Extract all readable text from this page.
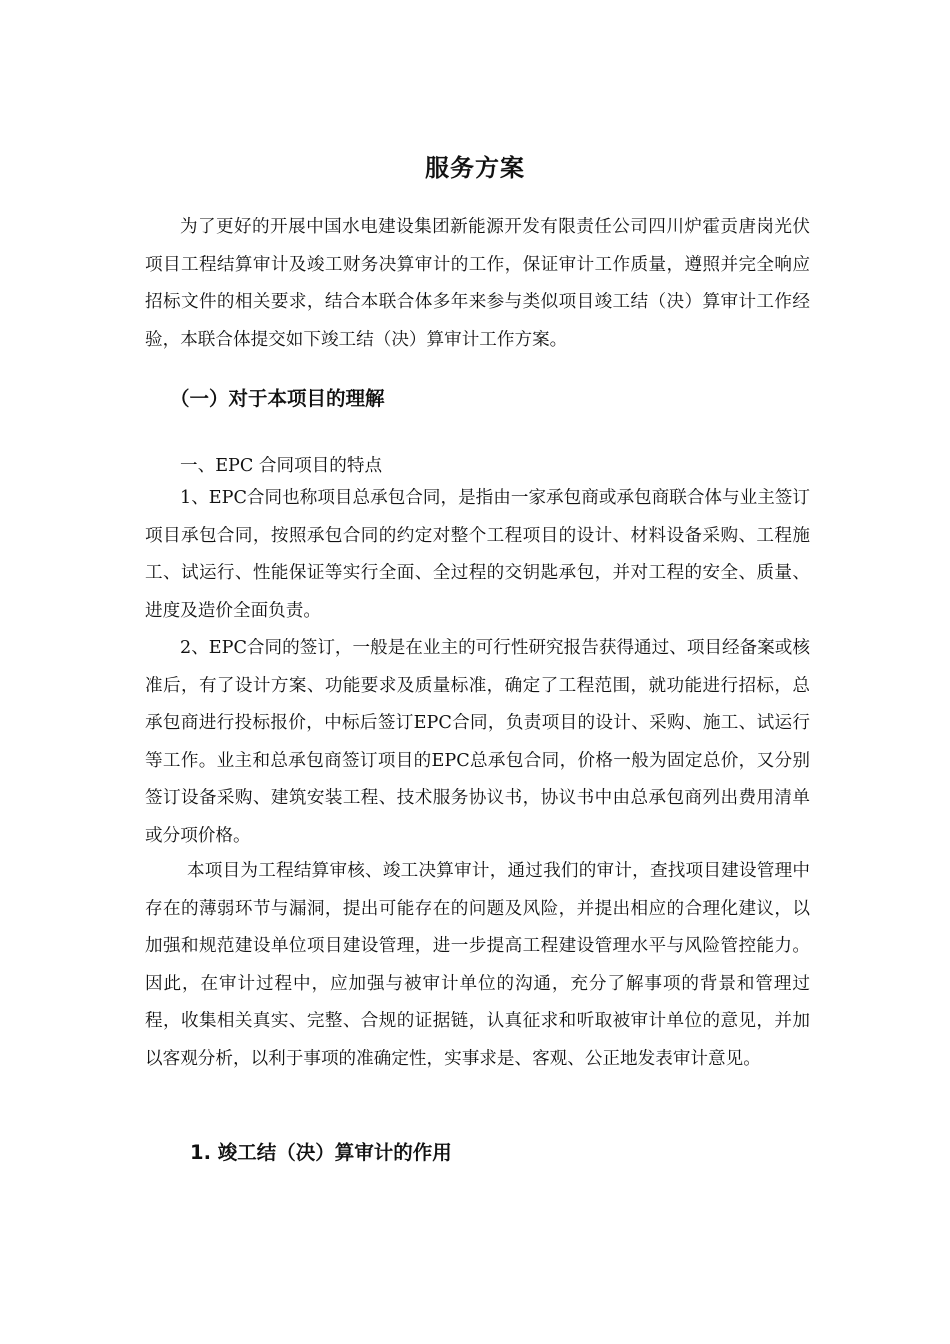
服务方案
为了更好的开展中国水电建设集团新能源开发有限责任公司四川炉霍贡唐岗光伏项目工程结算审计及竣工财务决算审计的工作，保证审计工作质量，遵照并完全响应招标文件的相关要求，结合本联合体多年来参与类似项目竣工结（决）算审计工作经验，本联合体提交如下竣工结（决）算审计工作方案。
（一）对于本项目的理解
一、EPC 合同项目的特点
1、EPC合同也称项目总承包合同，是指由一家承包商或承包商联合体与业主签订项目承包合同，按照承包合同的约定对整个工程项目的设计、材料设备采购、工程施工、试运行、性能保证等实行全面、全过程的交钥匙承包，并对工程的安全、质量、进度及造价全面负责。
2、EPC合同的签订，一般是在业主的可行性研究报告获得通过、项目经备案或核准后，有了设计方案、功能要求及质量标准，确定了工程范围，就功能进行招标，总承包商进行投标报价，中标后签订EPC合同，负责项目的设计、采购、施工、试运行等工作。业主和总承包商签订项目的EPC总承包合同，价格一般为固定总价，又分别签订设备采购、建筑安装工程、技术服务协议书，协议书中由总承包商列出费用清单或分项价格。
本项目为工程结算审核、竣工决算审计，通过我们的审计，查找项目建设管理中存在的薄弱环节与漏洞，提出可能存在的问题及风险，并提出相应的合理化建议，以加强和规范建设单位项目建设管理，进一步提高工程建设管理水平与风险管控能力。因此，在审计过程中，应加强与被审计单位的沟通，充分了解事项的背景和管理过程，收集相关真实、完整、合规的证据链，认真征求和听取被审计单位的意见，并加以客观分析，以利于事项的准确定性，实事求是、客观、公正地发表审计意见。
1. 竣工结（决）算审计的作用
